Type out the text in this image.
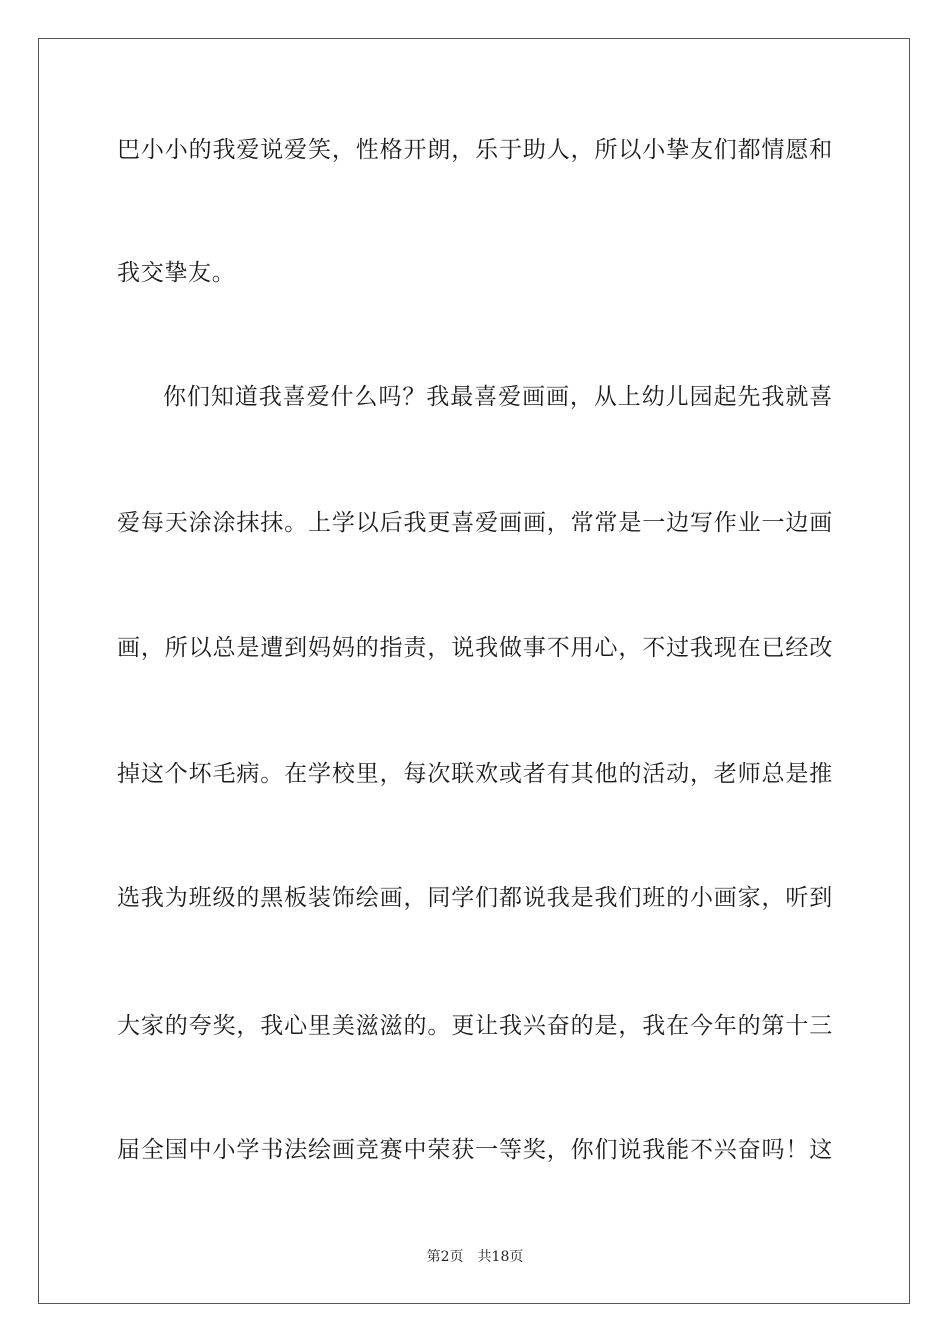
巴小小的我爱说爱笑，性格开朗，乐于助人，所以小挚友们都情愿和
我交挚友。
你们知道我喜爱什么吗？我最喜爱画画，从上幼儿园起先我就喜
爱每天涂涂抹抹。上学以后我更喜爱画画，常常是一边写作业一边画
画，所以总是遭到妈妈的指责，说我做事不用心，不过我现在已经改
掉这个坏毛病。在学校里，每次联欢或者有其他的活动，老师总是推
选我为班级的黑板装饰绘画，同学们都说我是我们班的小画家，听到
大家的夸奖，我心里美滋滋的。更让我兴奋的是，我在今年的第十三
届全国中小学书法绘画竞赛中荣获一等奖，你们说我能不兴奋吗！这
第2页 共18页
